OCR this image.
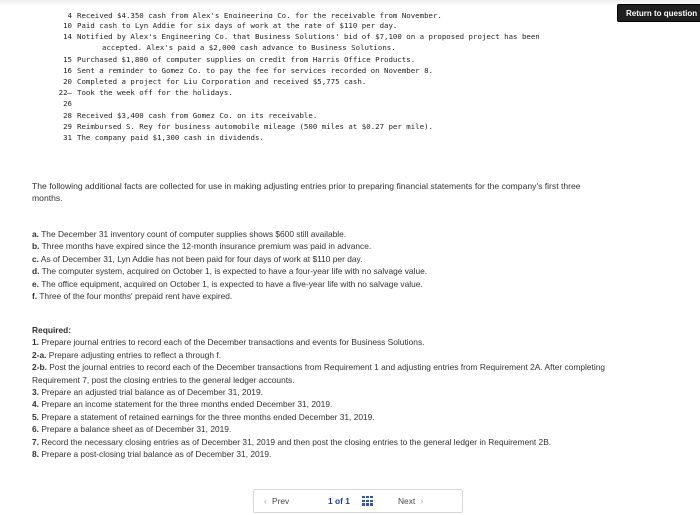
Return to question
4 Received $4,350 cash from Alex's Engineering Co. for the receivable from November.
10 Paid cash to Lyn Addie for six days of work at the rate of $110 per day.
14 Notified by Alex's Engineering Co. that Business Solutions' bid of $7,100 on a proposed project has been
accepted. Alex's paid a $2,000 cash advance to Business Solutions.
15 Purchased $1,800 of computer supplies on credit from Harris Office Products.
16 Sent a reminder to Gomez Co. to pay the fee for services recorded on November 8.
20 Completed a project for Liu Corporation and received $5,775 cash.
22– Took the week off for the holidays.
26
28 Received $3,400 cash from Gomez Co. on its receivable.
29 Reimbursed S. Rey for business automobile mileage (500 miles at $0.27 per mile).
31 The company paid $1,300 cash in dividends.
The following additional facts are collected for use in making adjusting entries prior to preparing financial statements for the company's first three months.
a. The December 31 inventory count of computer supplies shows $600 still available.
b. Three months have expired since the 12-month insurance premium was paid in advance.
c. As of December 31, Lyn Addie has not been paid for four days of work at $110 per day.
d. The computer system, acquired on October 1, is expected to have a four-year life with no salvage value.
e. The office equipment, acquired on October 1, is expected to have a five-year life with no salvage value.
f. Three of the four months' prepaid rent have expired.
Required:
1. Prepare journal entries to record each of the December transactions and events for Business Solutions.
2-a. Prepare adjusting entries to reflect a through f.
2-b. Post the journal entries to record each of the December transactions from Requirement 1 and adjusting entries from Requirement 2A. After completing Requirement 7, post the closing entries to the general ledger accounts.
3. Prepare an adjusted trial balance as of December 31, 2019.
4. Prepare an income statement for the three months ended December 31, 2019.
5. Prepare a statement of retained earnings for the three months ended December 31, 2019.
6. Prepare a balance sheet as of December 31, 2019.
7. Record the necessary closing entries as of December 31, 2019 and then post the closing entries to the general ledger in Requirement 2B.
8. Prepare a post-closing trial balance as of December 31, 2019.
‹ Prev	1 of 1	Next ›
